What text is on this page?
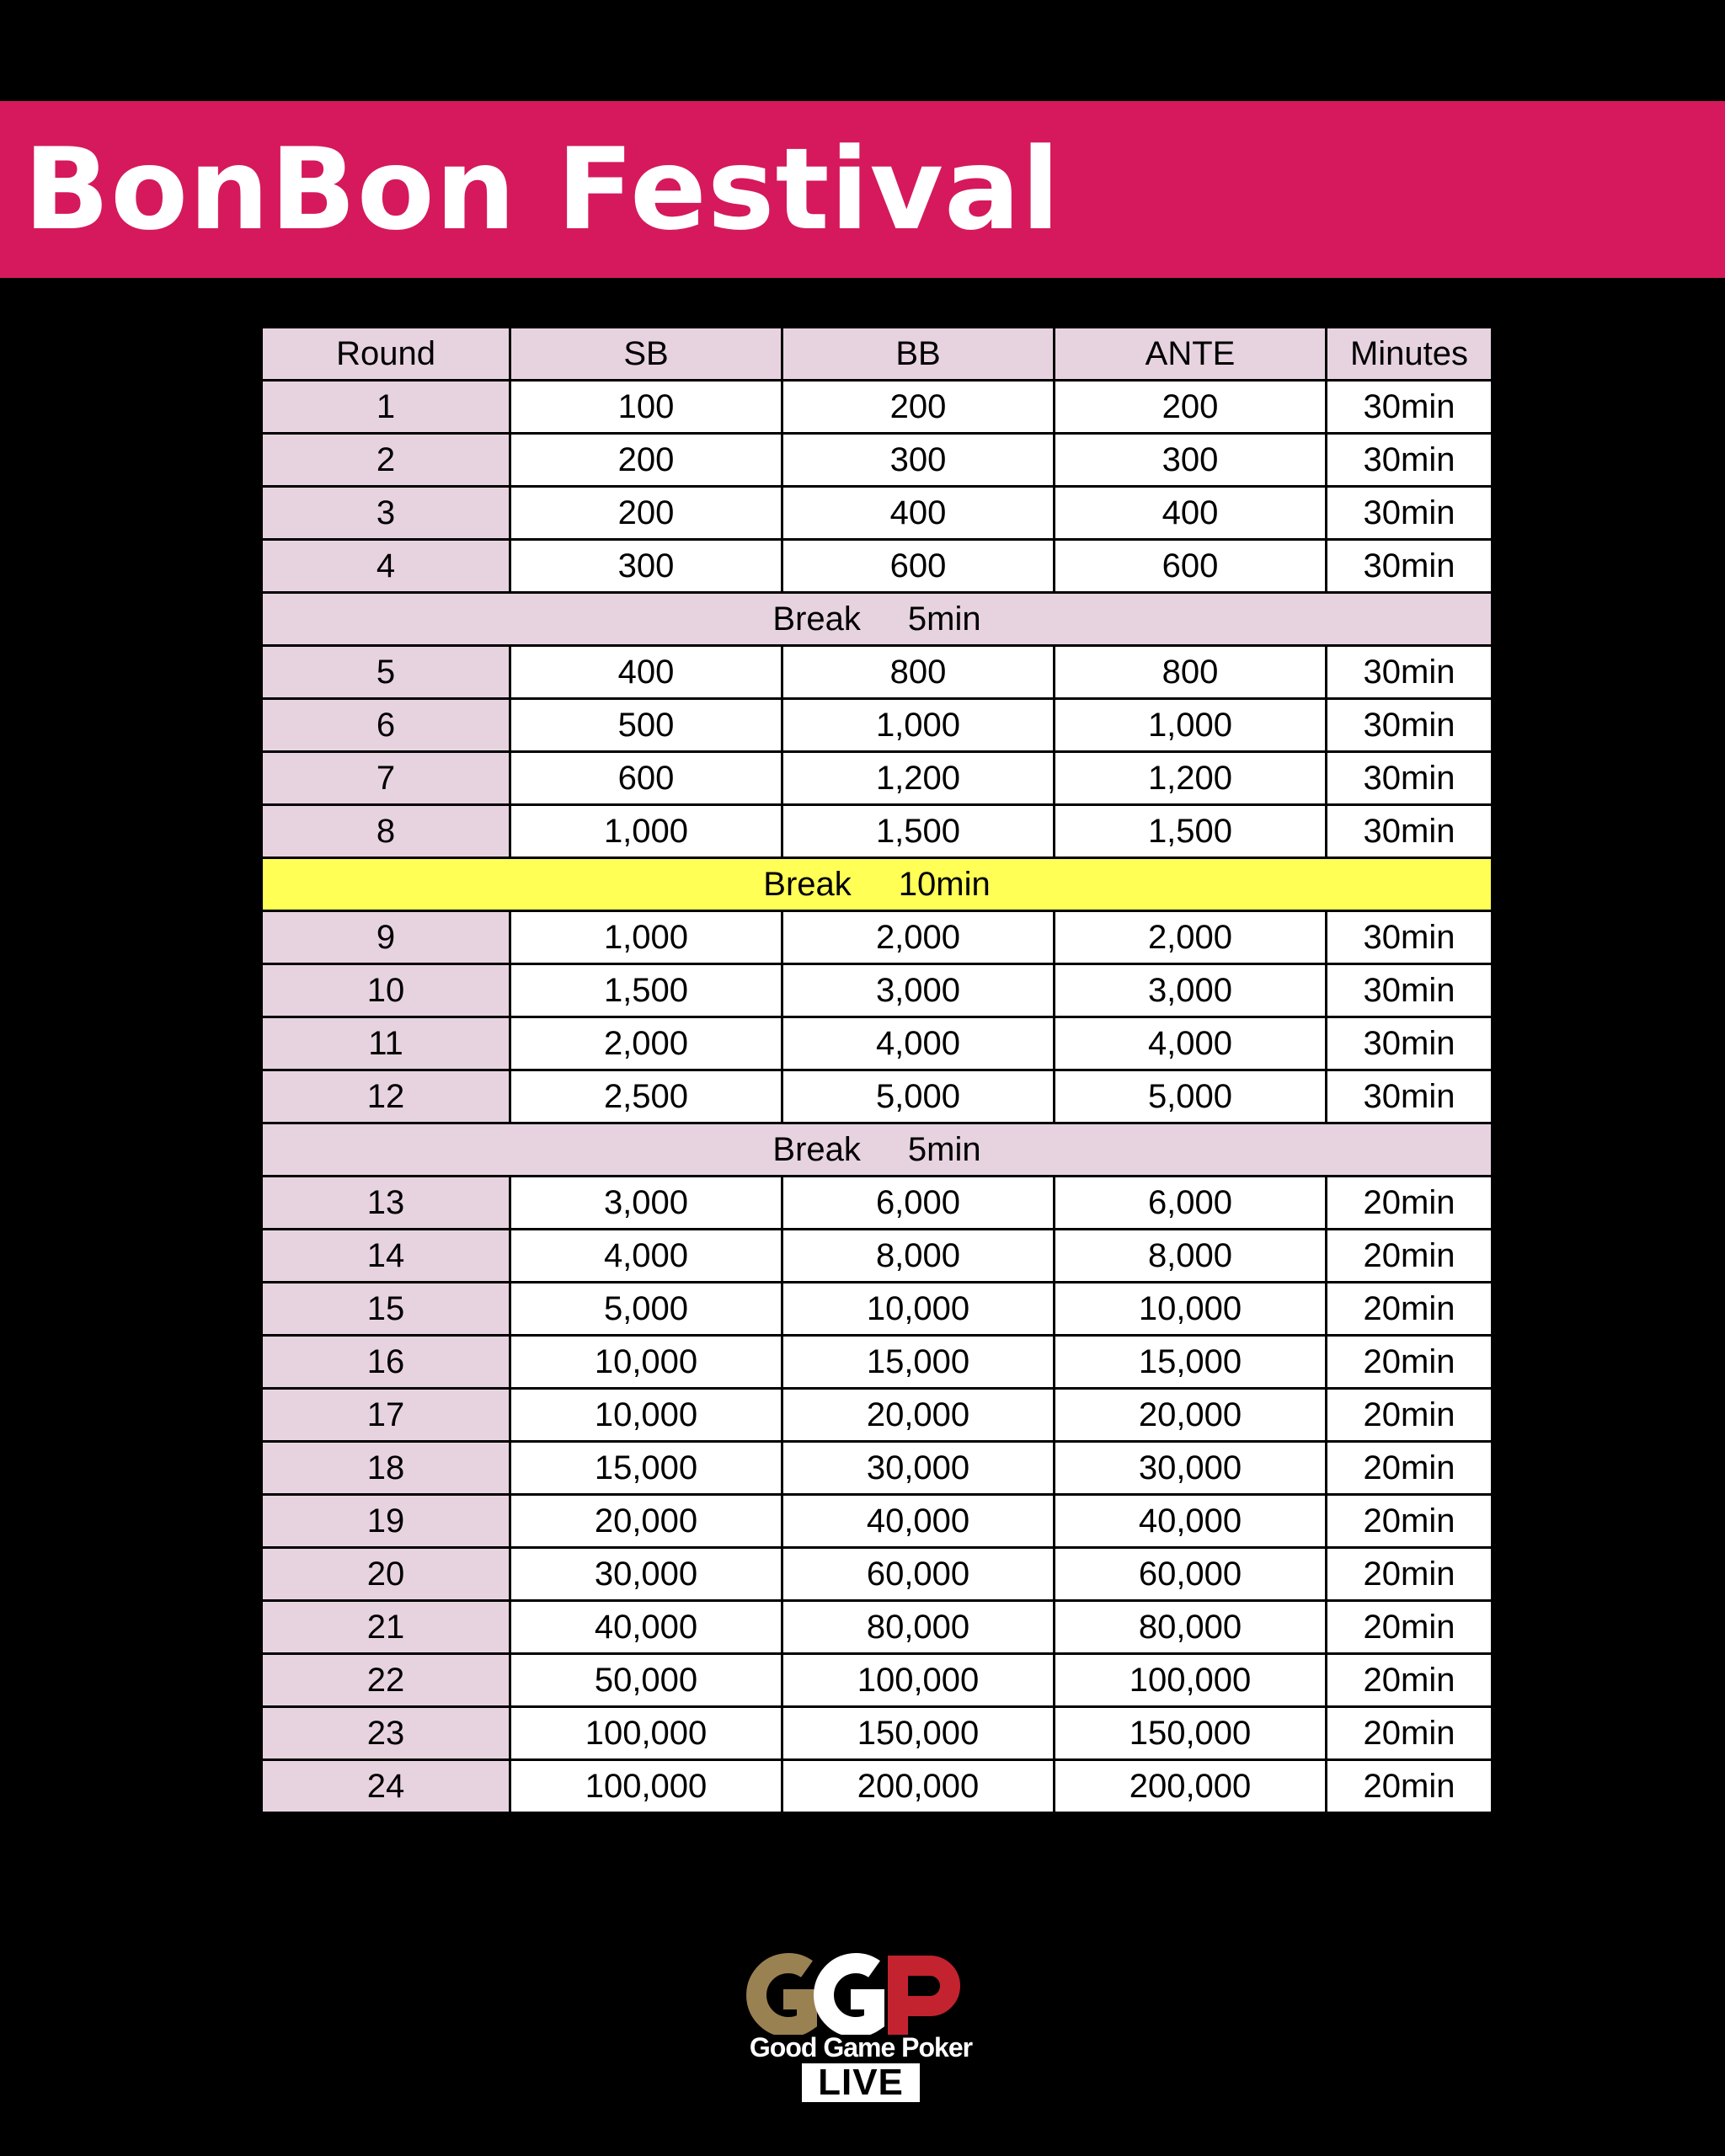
BonBon Festival
Round	SB	BB	ANTE	Minutes
1	100	200	200	30min
2	200	300	300	30min
3	200	400	400	30min
4	300	600	600	30min
Break 5min				
5	400	800	800	30min
6	500	1,000	1,000	30min
7	600	1,200	1,200	30min
8	1,000	1,500	1,500	30min
Break 10min				
9	1,000	2,000	2,000	30min
10	1,500	3,000	3,000	30min
11	2,000	4,000	4,000	30min
12	2,500	5,000	5,000	30min
Break 5min				
13	3,000	6,000	6,000	20min
14	4,000	8,000	8,000	20min
15	5,000	10,000	10,000	20min
16	10,000	15,000	15,000	20min
17	10,000	20,000	20,000	20min
18	15,000	30,000	30,000	20min
19	20,000	40,000	40,000	20min
20	30,000	60,000	60,000	20min
21	40,000	80,000	80,000	20min
22	50,000	100,000	100,000	20min
23	100,000	150,000	150,000	20min
24	100,000	200,000	200,000	20min
Good Game Poker
LIVE
